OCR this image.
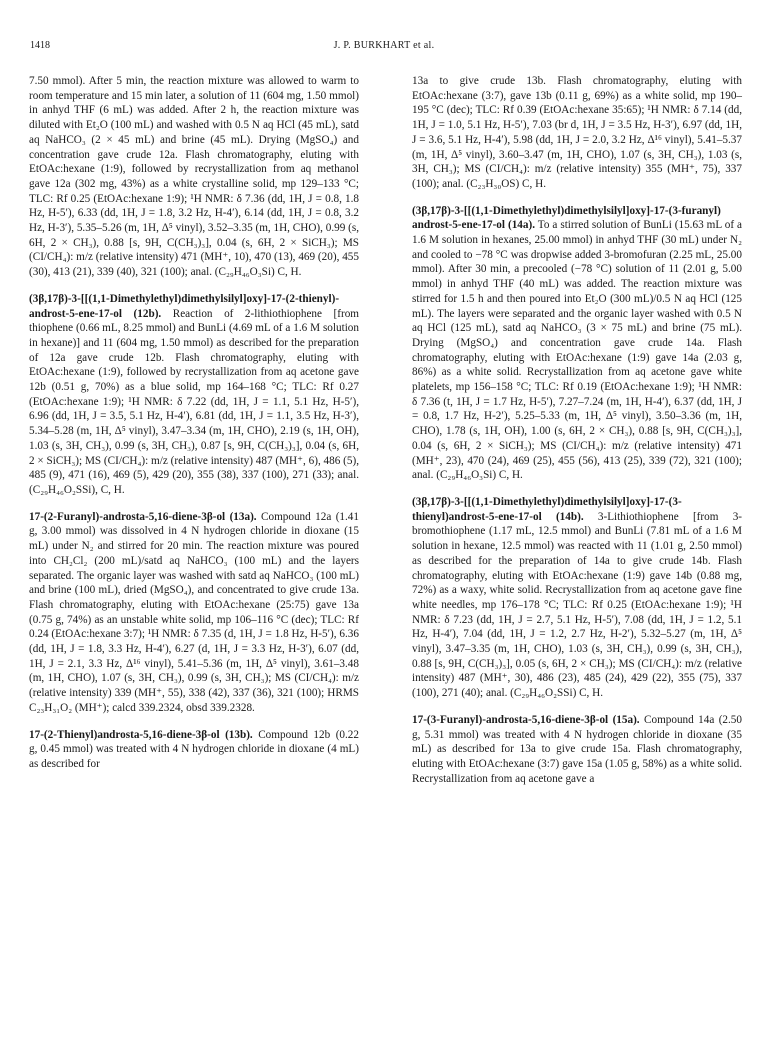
1418	J. P. BURKHART et al.

7.50 mmol). After 5 min, the reaction mixture was allowed to warm to room temperature and 15 min later, a solution of 11 (604 mg, 1.50 mmol) in anhyd THF (6 mL) was added. After 2 h, the reaction mixture was diluted with Et₂O (100 mL) and washed with 0.5 N aq HCl (45 mL), satd aq NaHCO₃ (2 × 45 mL) and brine (45 mL). Drying (MgSO₄) and concentration gave crude 12a. Flash chromatography, eluting with EtOAc:hexane (1:9), followed by recrystallization from aq methanol gave 12a (302 mg, 43%) as a white crystalline solid, mp 129–133 °C; TLC: Rf 0.25 (EtOAc:hexane 1:9); ¹H NMR: δ 7.36 (dd, 1H, J = 0.8, 1.8 Hz, H-5′), 6.33 (dd, 1H, J = 1.8, 3.2 Hz, H-4′), 6.14 (dd, 1H, J = 0.8, 3.2 Hz, H-3′), 5.35–5.26 (m, 1H, Δ⁵ vinyl), 3.52–3.35 (m, 1H, CHO), 0.99 (s, 6H, 2 × CH₃), 0.88 [s, 9H, C(CH₃)₃], 0.04 (s, 6H, 2 × SiCH₃); MS (CI/CH₄): m/z (relative intensity) 471 (MH⁺, 10), 470 (13), 469 (20), 455 (30), 413 (21), 339 (40), 321 (100); anal. (C₂₉H₄₆O₃Si) C, H.

(3β,17β)-3-[[(1,1-Dimethylethyl)dimethylsilyl]oxy]-17-(2-thienyl)-androst-5-ene-17-ol (12b). Reaction of 2-lithiothiophene [from thiophene (0.66 mL, 8.25 mmol) and BunLi (4.69 mL of a 1.6 M solution in hexane)] and 11 (604 mg, 1.50 mmol) as described for the preparation of 12a gave crude 12b. Flash chromatography, eluting with EtOAc:hexane (1:9), followed by recrystallization from aq acetone gave 12b (0.51 g, 70%) as a blue solid, mp 164–168 °C; TLC: Rf 0.27 (EtOAc:hexane 1:9); ¹H NMR: δ 7.22 (dd, 1H, J = 1.1, 5.1 Hz, H-5′), 6.96 (dd, 1H, J = 3.5, 5.1 Hz, H-4′), 6.81 (dd, 1H, J = 1.1, 3.5 Hz, H-3′), 5.34–5.28 (m, 1H, Δ⁵ vinyl), 3.47–3.34 (m, 1H, CHO), 2.19 (s, 1H, OH), 1.03 (s, 3H, CH₃), 0.99 (s, 3H, CH₃), 0.87 [s, 9H, C(CH₃)₃], 0.04 (s, 6H, 2 × SiCH₃); MS (CI/CH₄): m/z (relative intensity) 487 (MH⁺, 6), 486 (5), 485 (9), 471 (16), 469 (5), 429 (20), 355 (38), 337 (100), 271 (33); anal. (C₂₉H₄₆O₂SSi), C, H.

17-(2-Furanyl)-androsta-5,16-diene-3β-ol (13a). Compound 12a (1.41 g, 3.00 mmol) was dissolved in 4 N hydrogen chloride in dioxane (15 mL) under N₂ and stirred for 20 min. The reaction mixture was poured into CH₂Cl₂ (200 mL)/satd aq NaHCO₃ (100 mL) and the layers separated. The organic layer was washed with satd aq NaHCO₃ (100 mL) and brine (100 mL), dried (MgSO₄), and concentrated to give crude 13a. Flash chromatography, eluting with EtOAc:hexane (25:75) gave 13a (0.75 g, 74%) as an unstable white solid, mp 106–116 °C (dec); TLC: Rf 0.24 (EtOAc:hexane 3:7); ¹H NMR: δ 7.35 (d, 1H, J = 1.8 Hz, H-5′), 6.36 (dd, 1H, J = 1.8, 3.3 Hz, H-4′), 6.27 (d, 1H, J = 3.3 Hz, H-3′), 6.07 (dd, 1H, J = 2.1, 3.3 Hz, Δ¹⁶ vinyl), 5.41–5.36 (m, 1H, Δ⁵ vinyl), 3.61–3.48 (m, 1H, CHO), 1.07 (s, 3H, CH₃), 0.99 (s, 3H, CH₃); MS (CI/CH₄): m/z (relative intensity) 339 (MH⁺, 55), 338 (42), 337 (36), 321 (100); HRMS C₂₃H₃₁O₂ (MH⁺); calcd 339.2324, obsd 339.2328.

17-(2-Thienyl)androsta-5,16-diene-3β-ol (13b). Compound 12b (0.22 g, 0.45 mmol) was treated with 4 N hydrogen chloride in dioxane (4 mL) as described for

13a to give crude 13b. Flash chromatography, eluting with EtOAc:hexane (3:7), gave 13b (0.11 g, 69%) as a white solid, mp 190–195 °C (dec); TLC: Rf 0.39 (EtOAc:hexane 35:65); ¹H NMR: δ 7.14 (dd, 1H, J = 1.0, 5.1 Hz, H-5′), 7.03 (br d, 1H, J = 3.5 Hz, H-3′), 6.97 (dd, 1H, J = 3.6, 5.1 Hz, H-4′), 5.98 (dd, 1H, J = 2.0, 3.2 Hz, Δ¹⁶ vinyl), 5.41–5.37 (m, 1H, Δ⁵ vinyl), 3.60–3.47 (m, 1H, CHO), 1.07 (s, 3H, CH₃), 1.03 (s, 3H, CH₃); MS (CI/CH₄): m/z (relative intensity) 355 (MH⁺, 75), 337 (100); anal. (C₂₃H₃₀OS) C, H.

(3β,17β)-3-[[(1,1-Dimethylethyl)dimethylsilyl]oxy]-17-(3-furanyl) androst-5-ene-17-ol (14a). To a stirred solution of BunLi (15.63 mL of a 1.6 M solution in hexanes, 25.00 mmol) in anhyd THF (30 mL) under N₂ and cooled to −78 °C was dropwise added 3-bromofuran (2.25 mL, 25.00 mmol). After 30 min, a precooled (−78 °C) solution of 11 (2.01 g, 5.00 mmol) in anhyd THF (40 mL) was added. The reaction mixture was stirred for 1.5 h and then poured into Et₂O (300 mL)/0.5 N aq HCl (125 mL). The layers were separated and the organic layer washed with 0.5 N aq HCl (125 mL), satd aq NaHCO₃ (3 × 75 mL) and brine (75 mL). Drying (MgSO₄) and concentration gave crude 14a. Flash chromatography, eluting with EtOAc:hexane (1:9) gave 14a (2.03 g, 86%) as a white solid. Recrystallization from aq acetone gave white platelets, mp 156–158 °C; TLC: Rf 0.19 (EtOAc:hexane 1:9); ¹H NMR: δ 7.36 (t, 1H, J = 1.7 Hz, H-5′), 7.27–7.24 (m, 1H, H-4′), 6.37 (dd, 1H, J = 0.8, 1.7 Hz, H-2′), 5.25–5.33 (m, 1H, Δ⁵ vinyl), 3.50–3.36 (m, 1H, CHO), 1.78 (s, 1H, OH), 1.00 (s, 6H, 2 × CH₃), 0.88 [s, 9H, C(CH₃)₃], 0.04 (s, 6H, 2 × SiCH₃); MS (CI/CH₄): m/z (relative intensity) 471 (MH⁺, 23), 470 (24), 469 (25), 455 (56), 413 (25), 339 (72), 321 (100); anal. (C₂₉H₄₆O₃Si) C, H.

(3β,17β)-3-[[(1,1-Dimethylethyl)dimethylsilyl]oxy]-17-(3-thienyl)androst-5-ene-17-ol (14b). 3-Lithiothiophene [from 3-bromothiophene (1.17 mL, 12.5 mmol) and BunLi (7.81 mL of a 1.6 M solution in hexane, 12.5 mmol) was reacted with 11 (1.01 g, 2.50 mmol) as described for the preparation of 14a to give crude 14b. Flash chromatography, eluting with EtOAc:hexane (1:9) gave 14b (0.88 mg, 72%) as a waxy, white solid. Recrystallization from aq acetone gave fine white needles, mp 176–178 °C; TLC: Rf 0.25 (EtOAc:hexane 1:9); ¹H NMR: δ 7.23 (dd, 1H, J = 2.7, 5.1 Hz, H-5′), 7.08 (dd, 1H, J = 1.2, 5.1 Hz, H-4′), 7.04 (dd, 1H, J = 1.2, 2.7 Hz, H-2′), 5.32–5.27 (m, 1H, Δ⁵ vinyl), 3.47–3.35 (m, 1H, CHO), 1.03 (s, 3H, CH₃), 0.99 (s, 3H, CH₃), 0.88 [s, 9H, C(CH₃)₃], 0.05 (s, 6H, 2 × CH₃); MS (CI/CH₄): m/z (relative intensity) 487 (MH⁺, 30), 486 (23), 485 (24), 429 (22), 355 (75), 337 (100), 271 (40); anal. (C₂₉H₄₆O₂SSi) C, H.

17-(3-Furanyl)-androsta-5,16-diene-3β-ol (15a). Compound 14a (2.50 g, 5.31 mmol) was treated with 4 N hydrogen chloride in dioxane (35 mL) as described for 13a to give crude 15a. Flash chromatography, eluting with EtOAc:hexane (3:7) gave 15a (1.05 g, 58%) as a white solid. Recrystallization from aq acetone gave a
